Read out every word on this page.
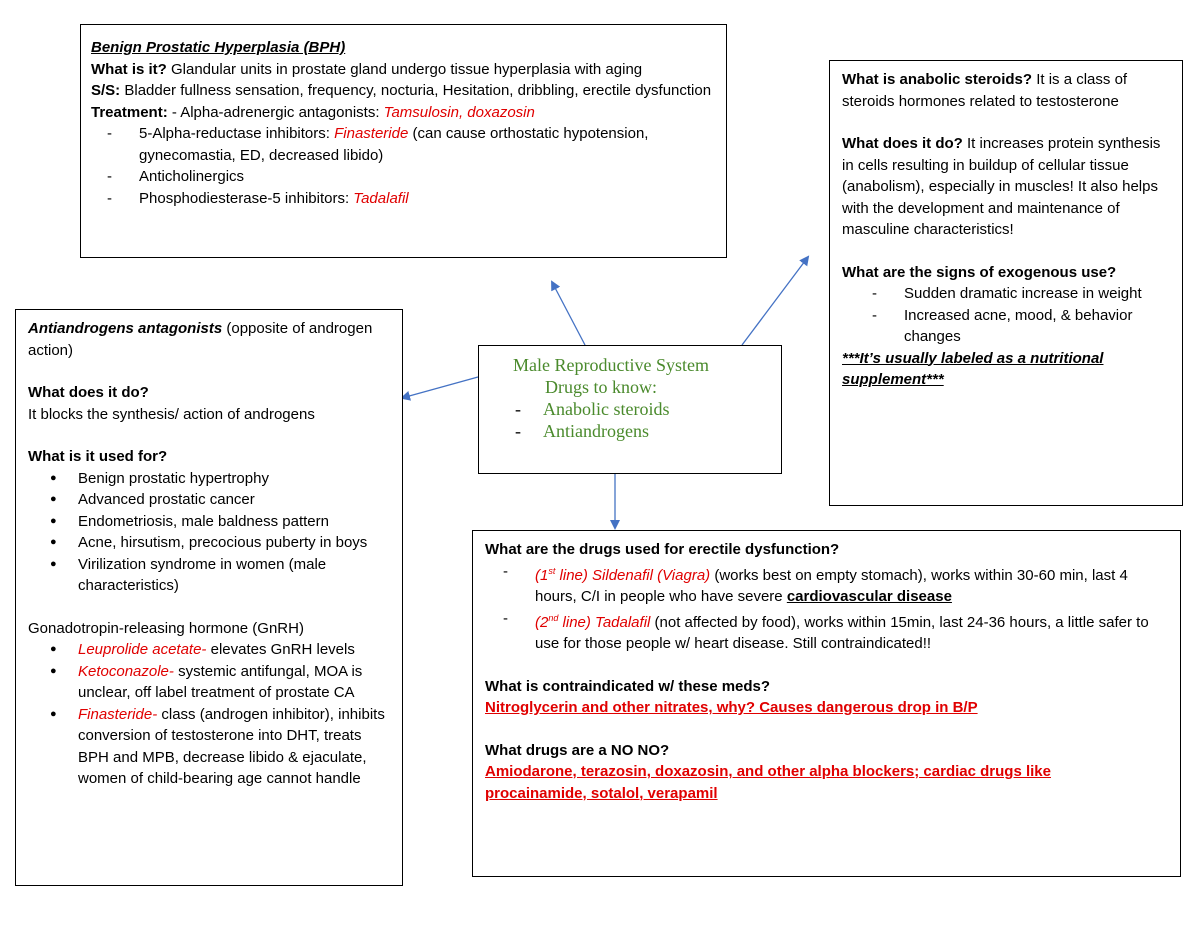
Benign Prostatic Hyperplasia (BPH)

What is it? Glandular units in prostate gland undergo tissue hyperplasia with aging

S/S: Bladder fullness sensation, frequency, nocturia, Hesitation, dribbling, erectile dysfunction

Treatment: - Alpha-adrenergic antagonists: Tamsulosin, doxazosin

- 5-Alpha-reductase inhibitors: Finasteride (can cause orthostatic hypotension, gynecomastia, ED, decreased libido)
- Anticholinergics
- Phosphodiesterase-5 inhibitors: Tadalafil

What is anabolic steroids? It is a class of steroids hormones related to testosterone

What does it do? It increases protein synthesis in cells resulting in buildup of cellular tissue (anabolism), especially in muscles! It also helps with the development and maintenance of masculine characteristics!

What are the signs of exogenous use?

- Sudden dramatic increase in weight
- Increased acne, mood, & behavior changes

***It’s usually labeled as a nutritional supplement***

Male Reproductive System

Drugs to know:

- Anabolic steroids
- Antiandrogens

Antiandrogens antagonists (opposite of androgen action)

What does it do?

It blocks the synthesis/ action of androgens

What is it used for?

● Benign prostatic hypertrophy
● Advanced prostatic cancer
● Endometriosis, male baldness pattern
● Acne, hirsutism, precocious puberty in boys
● Virilization syndrome in women (male characteristics)

Gonadotropin-releasing hormone (GnRH)

● Leuprolide acetate- elevates GnRH levels
● Ketoconazole- systemic antifungal, MOA is unclear, off label treatment of prostate CA
● Finasteride- class (androgen inhibitor), inhibits conversion of testosterone into DHT, treats BPH and MPB, decrease libido & ejaculate, women of child-bearing age cannot handle

What are the drugs used for erectile dysfunction?

- (1st line) Sildenafil (Viagra) (works best on empty stomach), works within 30-60 min, last 4 hours, C/I in people who have severe cardiovascular disease
- (2nd line) Tadalafil (not affected by food), works within 15min, last 24-36 hours, a little safer to use for those people w/ heart disease. Still contraindicated!!

What is contraindicated w/ these meds?

Nitroglycerin and other nitrates, why? Causes dangerous drop in B/P

What drugs are a NO NO?

Amiodarone, terazosin, doxazosin, and other alpha blockers; cardiac drugs like procainamide, sotalol, verapamil
